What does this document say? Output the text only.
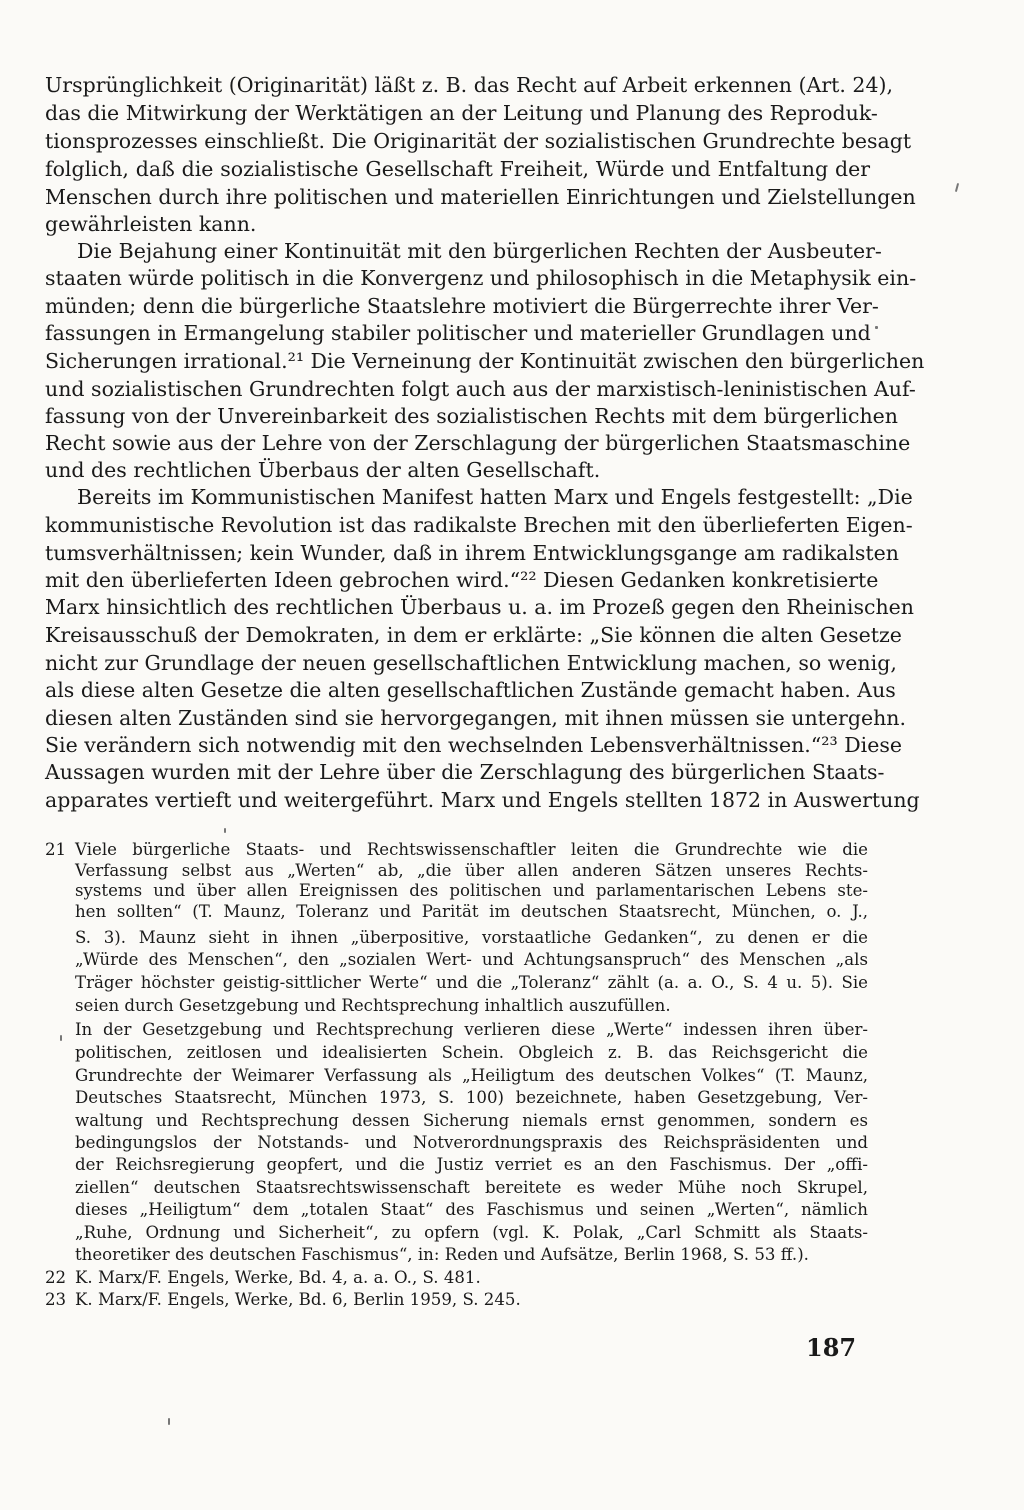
Ursprünglichkeit (Originarität) läßt z. B. das Recht auf Arbeit erkennen (Art. 24),
das die Mitwirkung der Werktätigen an der Leitung und Planung des Reproduk-
tionsprozesses einschließt. Die Originarität der sozialistischen Grundrechte besagt
folglich, daß die sozialistische Gesellschaft Freiheit, Würde und Entfaltung der
Menschen durch ihre politischen und materiellen Einrichtungen und Zielstellungen
gewährleisten kann.
Die Bejahung einer Kontinuität mit den bürgerlichen Rechten der Ausbeuter-
staaten würde politisch in die Konvergenz und philosophisch in die Metaphysik ein-
münden; denn die bürgerliche Staatslehre motiviert die Bürgerrechte ihrer Ver-
fassungen in Ermangelung stabiler politischer und materieller Grundlagen und
Sicherungen irrational.²¹ Die Verneinung der Kontinuität zwischen den bürgerlichen
und sozialistischen Grundrechten folgt auch aus der marxistisch-leninistischen Auf-
fassung von der Unvereinbarkeit des sozialistischen Rechts mit dem bürgerlichen
Recht sowie aus der Lehre von der Zerschlagung der bürgerlichen Staatsmaschine
und des rechtlichen Überbaus der alten Gesellschaft.
Bereits im Kommunistischen Manifest hatten Marx und Engels festgestellt: „Die
kommunistische Revolution ist das radikalste Brechen mit den überlieferten Eigen-
tumsverhältnissen; kein Wunder, daß in ihrem Entwicklungsgange am radikalsten
mit den überlieferten Ideen gebrochen wird.“²² Diesen Gedanken konkretisierte
Marx hinsichtlich des rechtlichen Überbaus u. a. im Prozeß gegen den Rheinischen
Kreisausschuß der Demokraten, in dem er erklärte: „Sie können die alten Gesetze
nicht zur Grundlage der neuen gesellschaftlichen Entwicklung machen, so wenig,
als diese alten Gesetze die alten gesellschaftlichen Zustände gemacht haben. Aus
diesen alten Zuständen sind sie hervorgegangen, mit ihnen müssen sie untergehn.
Sie verändern sich notwendig mit den wechselnden Lebensverhältnissen.“²³ Diese
Aussagen wurden mit der Lehre über die Zerschlagung des bürgerlichen Staats-
apparates vertieft und weitergeführt. Marx und Engels stellten 1872 in Auswertung
21 Viele bürgerliche Staats- und Rechtswissenschaftler leiten die Grundrechte wie die
Verfassung selbst aus „Werten“ ab, „die über allen anderen Sätzen unseres Rechts-
systems und über allen Ereignissen des politischen und parlamentarischen Lebens ste-
hen sollten“ (T. Maunz, Toleranz und Parität im deutschen Staatsrecht, München, o. J.,
S. 3). Maunz sieht in ihnen „überpositive, vorstaatliche Gedanken“, zu denen er die
„Würde des Menschen“, den „sozialen Wert- und Achtungsanspruch“ des Menschen „als
Träger höchster geistig-sittlicher Werte“ und die „Toleranz“ zählt (a. a. O., S. 4 u. 5). Sie
seien durch Gesetzgebung und Rechtsprechung inhaltlich auszufüllen.
In der Gesetzgebung und Rechtsprechung verlieren diese „Werte“ indessen ihren über-
politischen, zeitlosen und idealisierten Schein. Obgleich z. B. das Reichsgericht die
Grundrechte der Weimarer Verfassung als „Heiligtum des deutschen Volkes“ (T. Maunz,
Deutsches Staatsrecht, München 1973, S. 100) bezeichnete, haben Gesetzgebung, Ver-
waltung und Rechtsprechung dessen Sicherung niemals ernst genommen, sondern es
bedingungslos der Notstands- und Notverordnungspraxis des Reichspräsidenten und
der Reichsregierung geopfert, und die Justiz verriet es an den Faschismus. Der „offi-
ziellen“ deutschen Staatsrechtswissenschaft bereitete es weder Mühe noch Skrupel,
dieses „Heiligtum“ dem „totalen Staat“ des Faschismus und seinen „Werten“, nämlich
„Ruhe, Ordnung und Sicherheit“, zu opfern (vgl. K. Polak, „Carl Schmitt als Staats-
theoretiker des deutschen Faschismus“, in: Reden und Aufsätze, Berlin 1968, S. 53 ff.).
22 K. Marx/F. Engels, Werke, Bd. 4, a. a. O., S. 481.
23 K. Marx/F. Engels, Werke, Bd. 6, Berlin 1959, S. 245.
187
